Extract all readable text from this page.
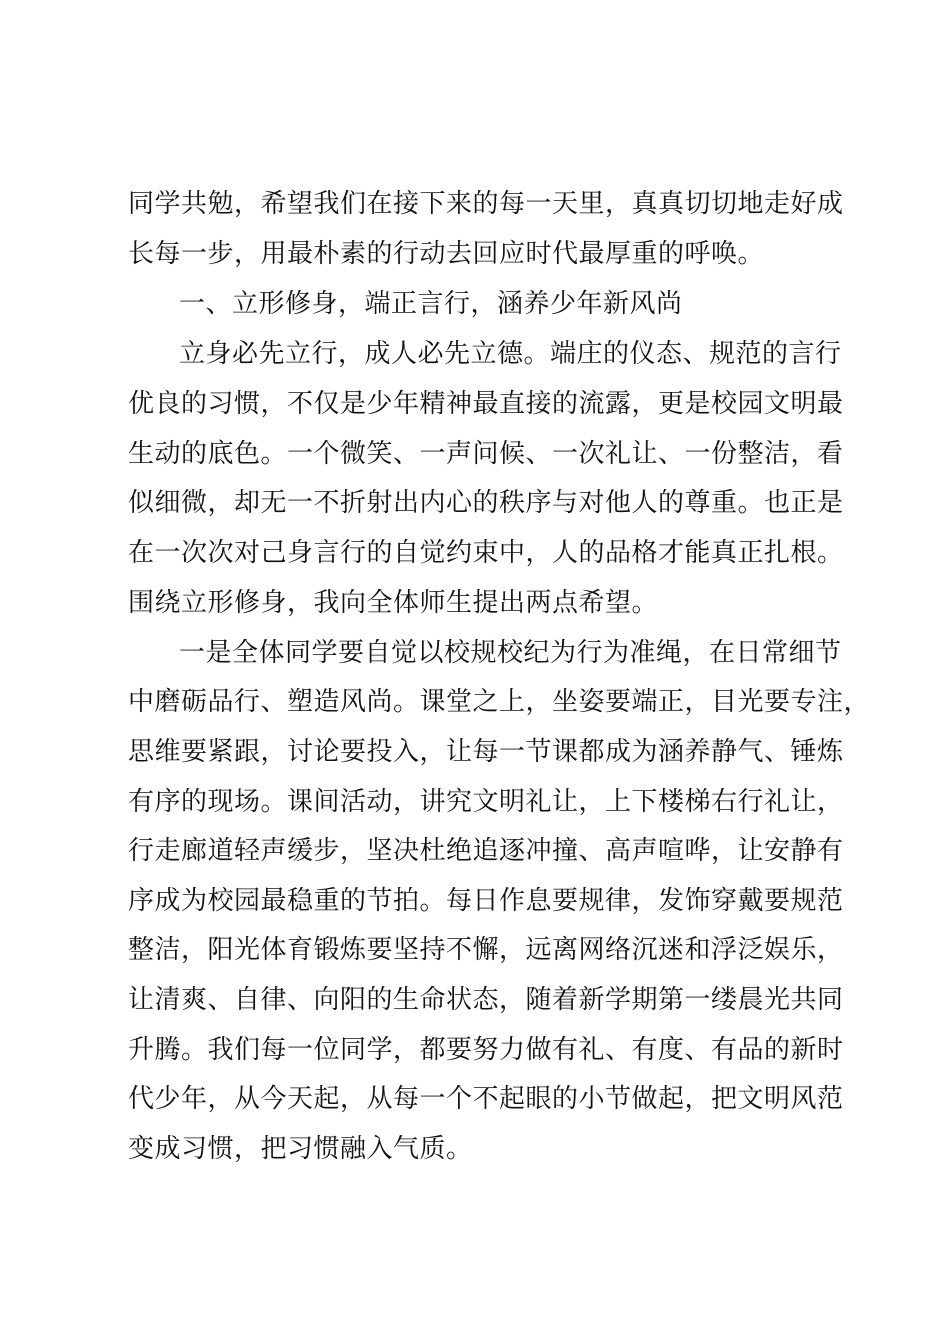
同学共勉，希望我们在接下来的每一天里，真真切切地走好成
长每一步，用最朴素的行动去回应时代最厚重的呼唤。
一、立形修身，端正言行，涵养少年新风尚
立身必先立行，成人必先立德。端庄的仪态、规范的言行
优良的习惯，不仅是少年精神最直接的流露，更是校园文明最
生动的底色。一个微笑、一声问候、一次礼让、一份整洁，看
似细微，却无一不折射出内心的秩序与对他人的尊重。也正是
在一次次对己身言行的自觉约束中，人的品格才能真正扎根。
围绕立形修身，我向全体师生提出两点希望。
一是全体同学要自觉以校规校纪为行为准绳，在日常细节
中磨砺品行、塑造风尚。课堂之上，坐姿要端正，目光要专注，
思维要紧跟，讨论要投入，让每一节课都成为涵养静气、锤炼
有序的现场。课间活动，讲究文明礼让，上下楼梯右行礼让，
行走廊道轻声缓步，坚决杜绝追逐冲撞、高声喧哗，让安静有
序成为校园最稳重的节拍。每日作息要规律，发饰穿戴要规范
整洁，阳光体育锻炼要坚持不懈，远离网络沉迷和浮泛娱乐，
让清爽、自律、向阳的生命状态，随着新学期第一缕晨光共同
升腾。我们每一位同学，都要努力做有礼、有度、有品的新时
代少年，从今天起，从每一个不起眼的小节做起，把文明风范
变成习惯，把习惯融入气质。
